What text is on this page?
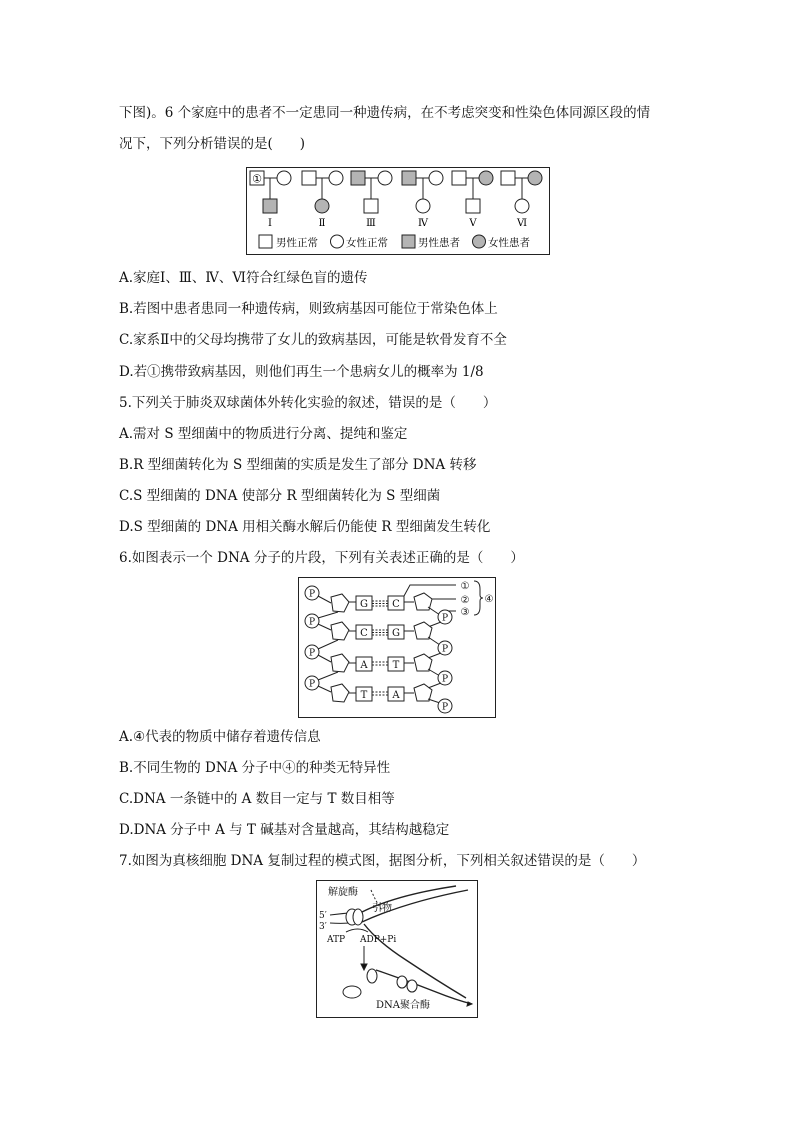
下图)。6 个家庭中的患者不一定患同一种遗传病，在不考虑突变和性染色体同源区段的情
况下，下列分析错误的是(　　)
①
Ⅰ	Ⅱ	Ⅲ	Ⅳ	Ⅴ	Ⅵ
男性正常	女性正常	男性患者	女性患者
A.家庭Ⅰ、Ⅲ、Ⅳ、Ⅵ符合红绿色盲的遗传
B.若图中患者患同一种遗传病，则致病基因可能位于常染色体上
C.家系Ⅱ中的父母均携带了女儿的致病基因，可能是软骨发育不全
D.若①携带致病基因，则他们再生一个患病女儿的概率为 1/8
5.下列关于肺炎双球菌体外转化实验的叙述，错误的是（　　）
A.需对 S 型细菌中的物质进行分离、提纯和鉴定
B.R 型细菌转化为 S 型细菌的实质是发生了部分 DNA 转移
C.S 型细菌的 DNA 使部分 R 型细菌转化为 S 型细菌
D.S 型细菌的 DNA 用相关酶水解后仍能使 R 型细菌发生转化
6.如图表示一个 DNA 分子的片段，下列有关表述正确的是（　　）
P
P
P
P
G C
C G
A	T
T	A
P
P
P
P
①
②
③
④
A.④代表的物质中储存着遗传信息
B.不同生物的 DNA 分子中④的种类无特异性
C.DNA 一条链中的 A 数目一定与 T 数目相等
D.DNA 分子中 A 与 T 碱基对含量越高，其结构越稳定
7.如图为真核细胞 DNA 复制过程的模式图，据图分析，下列相关叙述错误的是（　　）
解旋酶
5′
3′
引物
ATP ADP+Pi
DNA聚合酶
